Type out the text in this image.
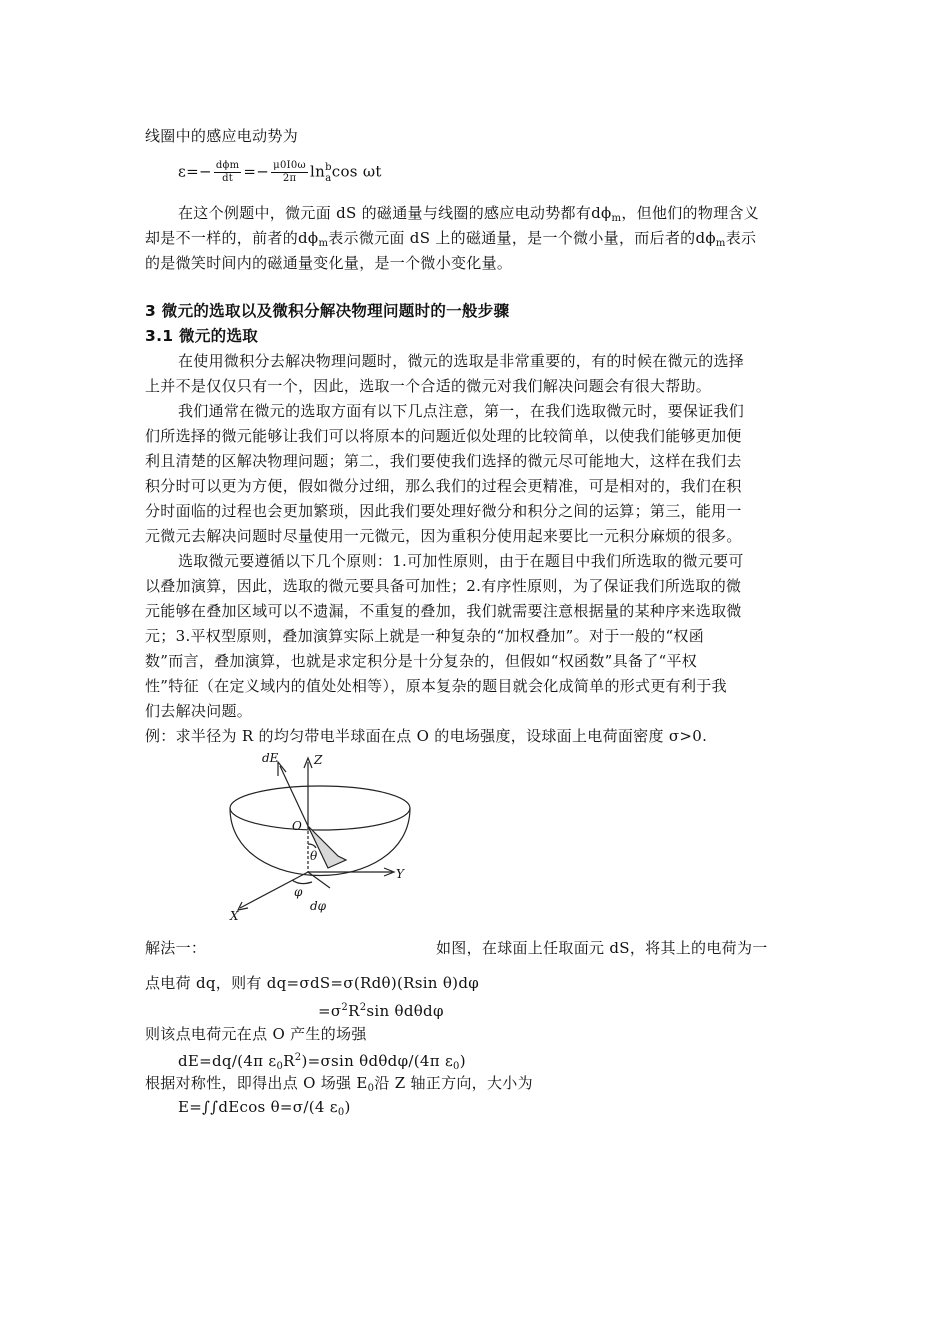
线圈中的感应电动势为
$\varepsilon=- \frac{\text{dϕm}}{dt} =- \frac{\mu 0I0\omega}{2\pi}$ ln b
a cos ωt
在这个例题中，微元面 dS 的磁通量与线圈的感应电动势都有$d\phi_m$，但他们的物理含义
却是不一样的，前者的$d\phi_m$表示微元面 dS 上的磁通量，是一个微小量，而后者的$d\phi_m$表示
的是微笑时间内的磁通量变化量，是一个微小变化量。
3 微元的选取以及微积分解决物理问题时的一般步骤
3.1 微元的选取
在使用微积分去解决物理问题时，微元的选取是非常重要的，有的时候在微元的选择
上并不是仅仅只有一个，因此，选取一个合适的微元对我们解决问题会有很大帮助。
我们通常在微元的选取方面有以下几点注意，第一，在我们选取微元时，要保证我们
们所选择的微元能够让我们可以将原本的问题近似处理的比较简单，以使我们能够更加便
利且清楚的区解决物理问题；第二，我们要使我们选择的微元尽可能地大，这样在我们去
积分时可以更为方便，假如微分过细，那么我们的过程会更精准，可是相对的，我们在积
分时面临的过程也会更加繁琐，因此我们要处理好微分和积分之间的运算；第三，能用一
元微元去解决问题时尽量使用一元微元，因为重积分使用起来要比一元积分麻烦的很多。
选取微元要遵循以下几个原则：1.可加性原则，由于在题目中我们所选取的微元要可
以叠加演算，因此，选取的微元要具备可加性；2.有序性原则，为了保证我们所选取的微
元能够在叠加区域可以不遗漏，不重复的叠加，我们就需要注意根据量的某种序来选取微
元；3.平权型原则，叠加演算实际上就是一种复杂的“加权叠加”。对于一般的“权函
数”而言，叠加演算，也就是求定积分是十分复杂的，但假如“权函数”具备了“平权
性”特征（在定义域内的值处处相等），原本复杂的题目就会化成简单的形式更有利于我
们去解决问题。
例：求半径为 R 的均匀带电半球面在点 O 的电场强度，设球面上电荷面密度 σ>0.
dE	Z
O
θ
Y
φ
dφ
X
解法一：	如图，在球面上任取面元 dS，将其上的电荷为一
点电荷 dq，则有 dq=σdS=σ(Rdθ)(Rsin θ)dφ
$=\sigma^2R^2\sin$ θdθdφ
则该点电荷元在点 O 产生的场强
dE=dq/(4π $\varepsilon_0R^2)=\sigma\sin$ θdθdφ/(4π $\varepsilon_0$)
根据对称性，即得出点 O 场强 $E_0$沿 Z 轴正方向，大小为
E=∫∫dEcos θ=σ/(4 $\varepsilon_0$)
